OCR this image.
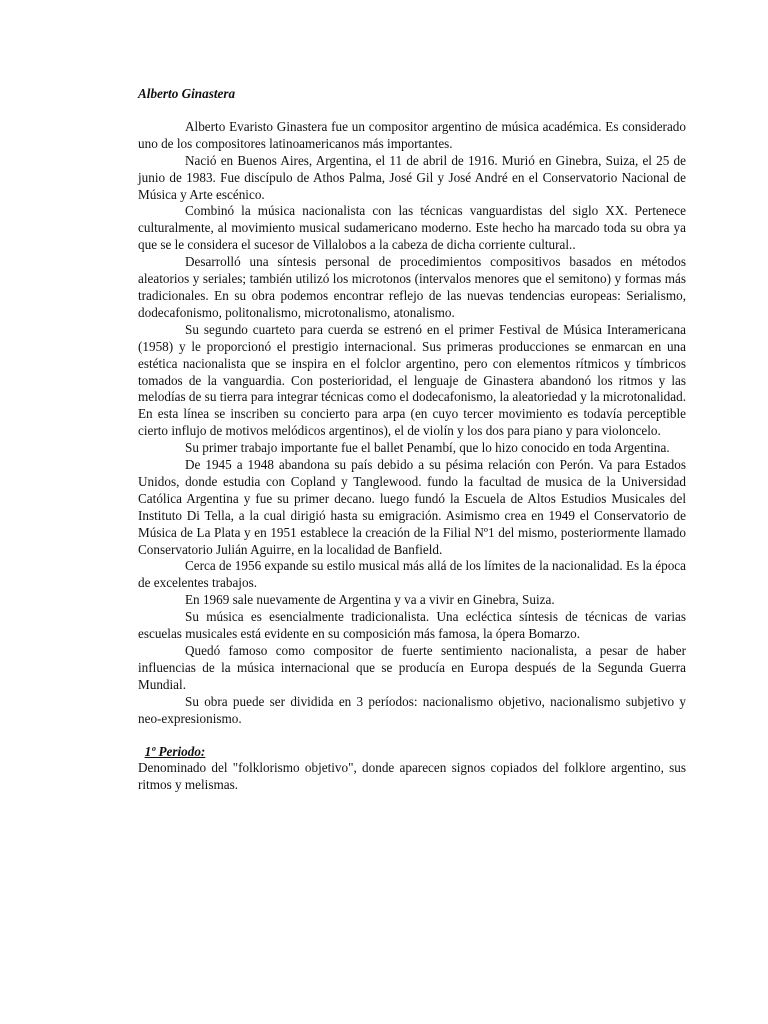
Alberto Ginastera

Alberto Evaristo Ginastera fue un compositor argentino de música académica. Es considerado uno de los compositores latinoamericanos más importantes.

Nació en Buenos Aires, Argentina, el 11 de abril de 1916. Murió en Ginebra, Suiza, el 25 de junio de 1983. Fue discípulo de Athos Palma, José Gil y José André en el Conservatorio Nacional de Música y Arte escénico.

Combinó la música nacionalista con las técnicas vanguardistas del siglo XX. Pertenece culturalmente, al movimiento musical sudamericano moderno. Este hecho ha marcado toda su obra ya que se le considera el sucesor de Villalobos a la cabeza de dicha corriente cultural..

Desarrolló una síntesis personal de procedimientos compositivos basados en métodos aleatorios y seriales; también utilizó los microtonos (intervalos menores que el semitono) y formas más tradicionales. En su obra podemos encontrar reflejo de las nuevas tendencias europeas: Serialismo, dodecafonismo, politonalismo, microtonalismo, atonalismo.

Su segundo cuarteto para cuerda se estrenó en el primer Festival de Música Interamericana (1958) y le proporcionó el prestigio internacional. Sus primeras producciones se enmarcan en una estética nacionalista que se inspira en el folclor argentino, pero con elementos rítmicos y tímbricos tomados de la vanguardia. Con posterioridad, el lenguaje de Ginastera abandonó los ritmos y las melodías de su tierra para integrar técnicas como el dodecafonismo, la aleatoriedad y la microtonalidad. En esta línea se inscriben su concierto para arpa (en cuyo tercer movimiento es todavía perceptible cierto influjo de motivos melódicos argentinos), el de violín y los dos para piano y para violoncelo.

Su primer trabajo importante fue el ballet Penambí, que lo hizo conocido en toda Argentina.

De 1945 a 1948 abandona su país debido a su pésima relación con Perón. Va para Estados Unidos, donde estudia con Copland y Tanglewood. fundo la facultad de musica de la Universidad Católica Argentina y fue su primer decano. luego fundó la Escuela de Altos Estudios Musicales del Instituto Di Tella, a la cual dirigió hasta su emigración. Asimismo crea en 1949 el Conservatorio de Música de La Plata y en 1951 establece la creación de la Filial Nº1 del mismo, posteriormente llamado Conservatorio Julián Aguirre, en la localidad de Banfield.

Cerca de 1956 expande su estilo musical más allá de los límites de la nacionalidad. Es la época de excelentes trabajos.

En 1969 sale nuevamente de Argentina y va a vivir en Ginebra, Suiza.

Su música es esencialmente tradicionalista. Una ecléctica síntesis de técnicas de varias escuelas musicales está evidente en su composición más famosa, la ópera Bomarzo.

Quedó famoso como compositor de fuerte sentimiento nacionalista, a pesar de haber influencias de la música internacional que se producía en Europa después de la Segunda Guerra Mundial.

Su obra puede ser dividida en 3 períodos: nacionalismo objetivo, nacionalismo subjetivo y neo-expresionismo.

1º Periodo:

Denominado del "folklorismo objetivo", donde aparecen signos copiados del folklore argentino, sus ritmos y melismas.
